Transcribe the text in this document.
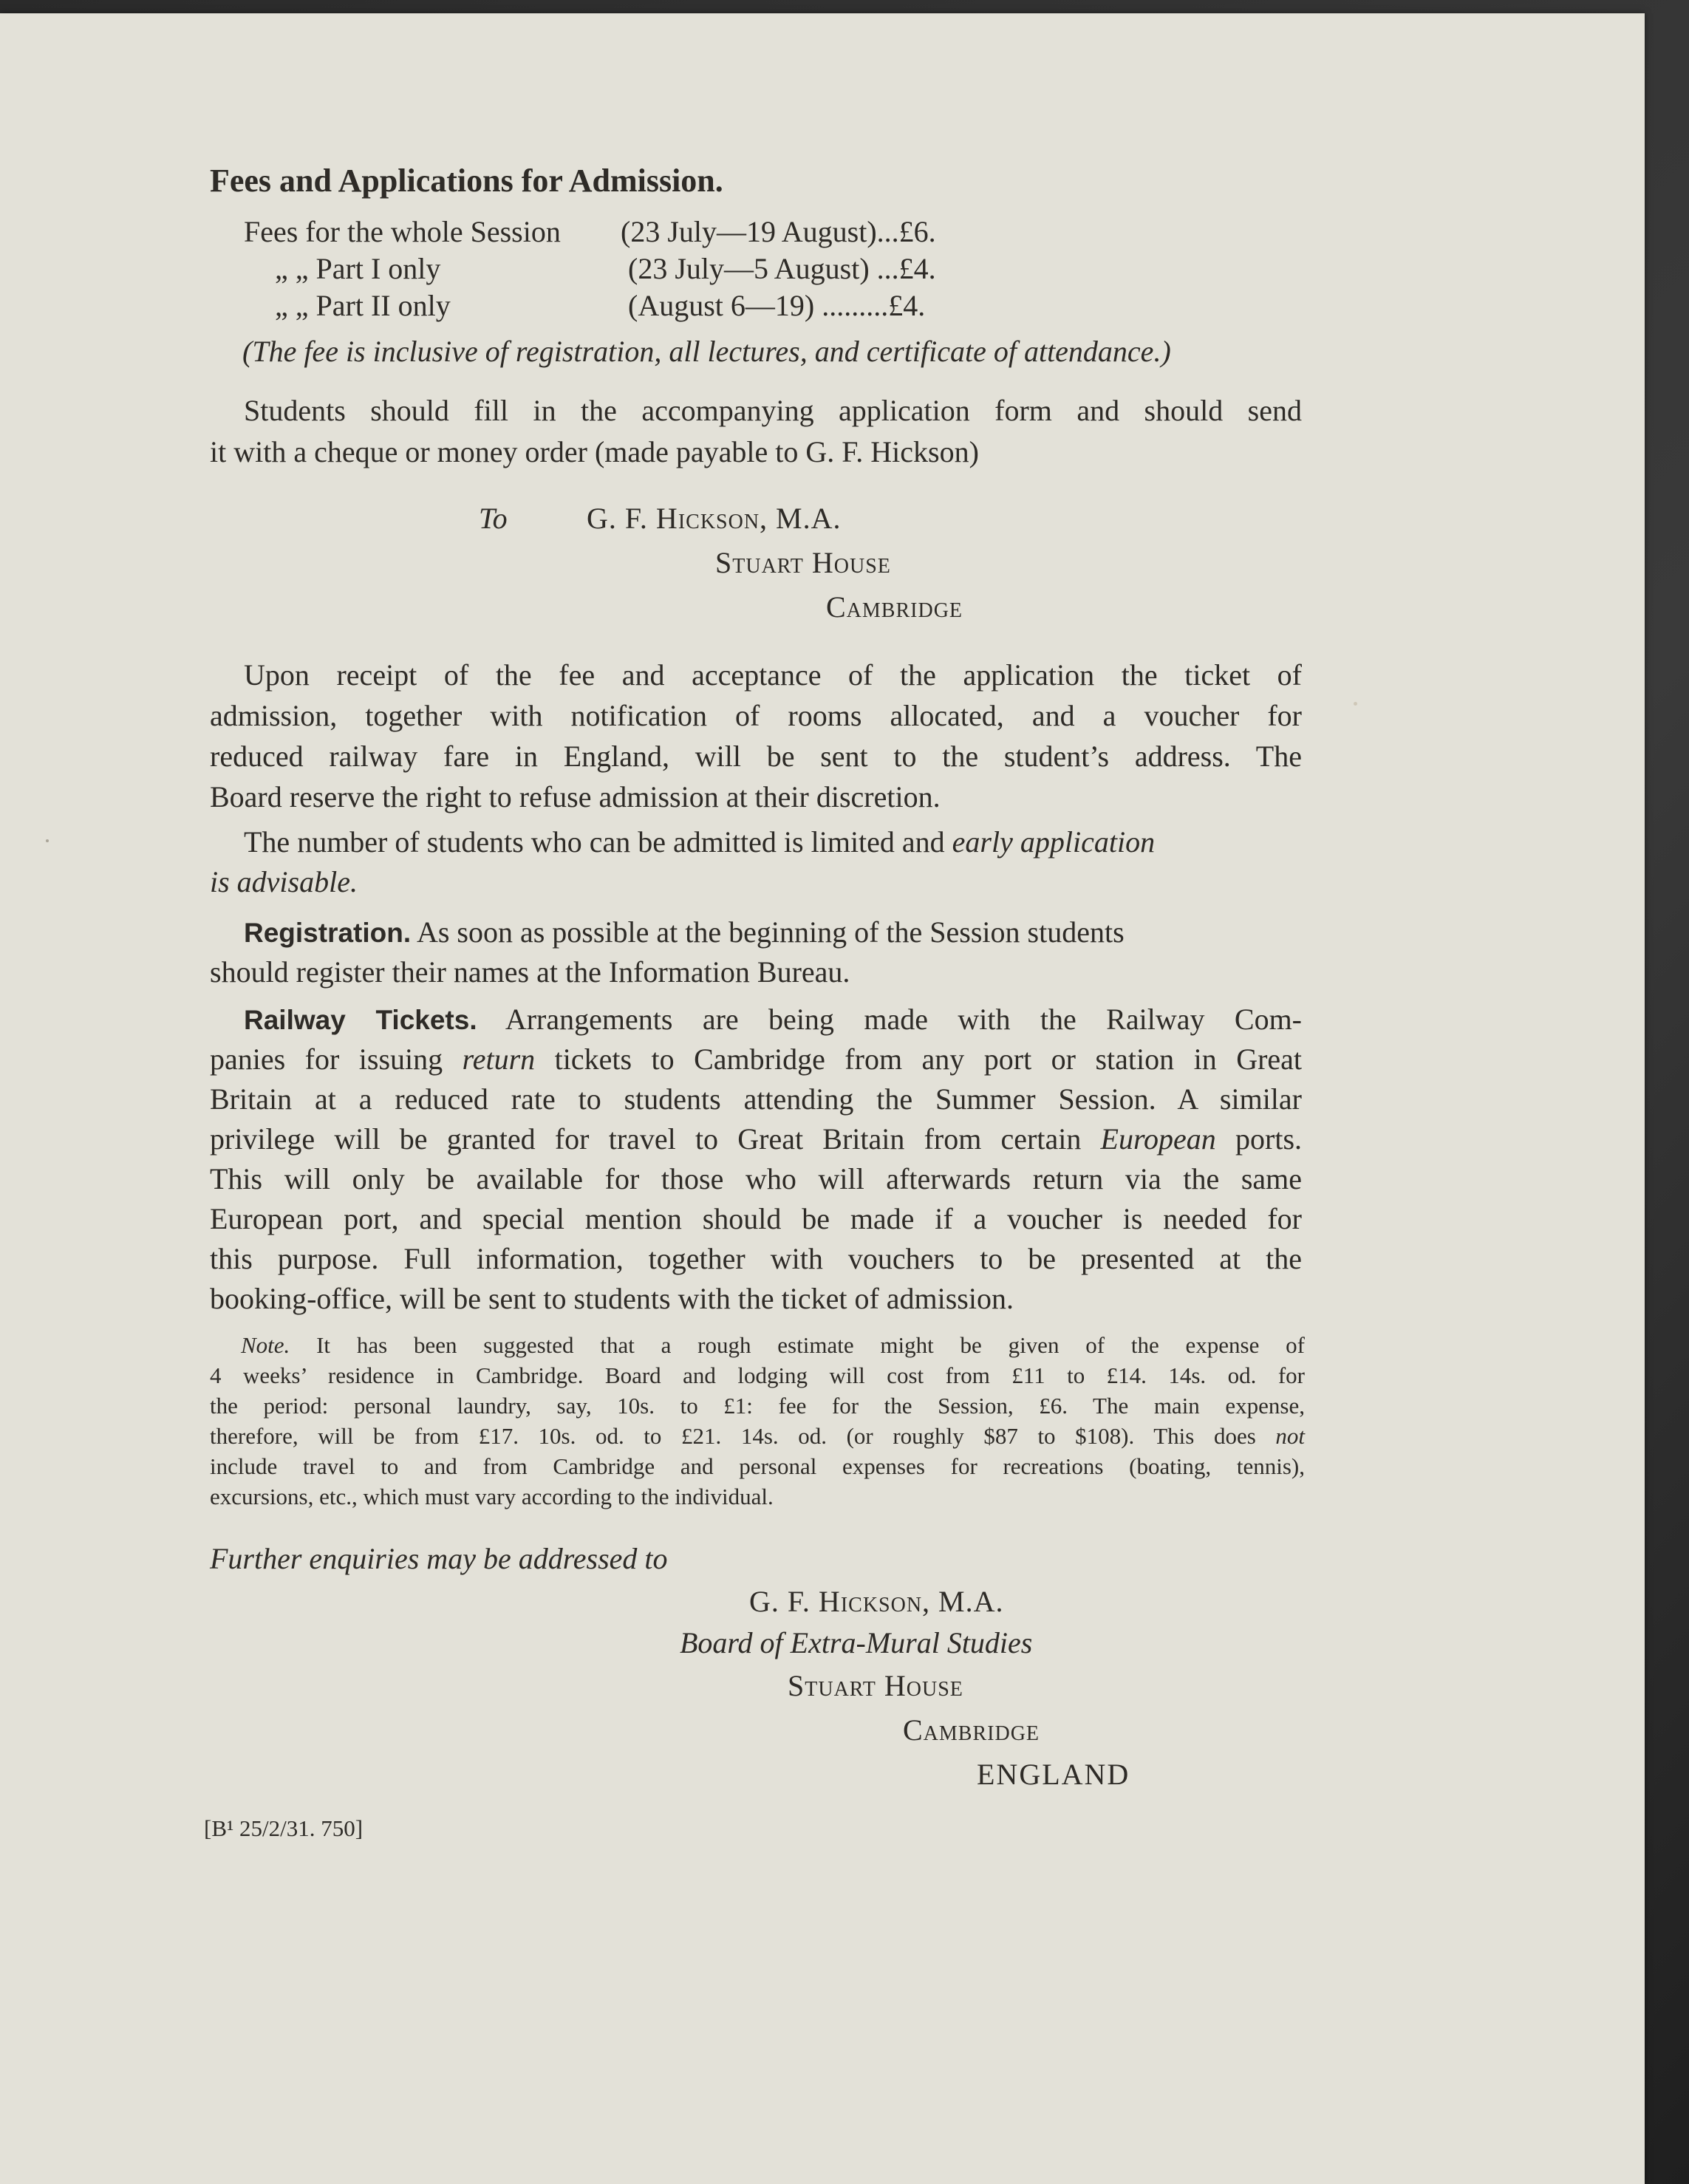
Fees and Applications for Admission.
Fees for the whole Session (23 July—19 August)...£6.
„ „ Part I only	(23 July—5 August) ...£4.
„ „ Part II only	(August 6—19) .........£4.
(The fee is inclusive of registration, all lectures, and certificate of attendance.)
Students should fill in the accompanying application form and should send
it with a cheque or money order (made payable to G. F. Hickson)
To	G. F. Hickson, M.A.
Stuart House
Cambridge
Upon receipt of the fee and acceptance of the application the ticket of
admission, together with notification of rooms allocated, and a voucher for
reduced railway fare in England, will be sent to the student’s address. The
Board reserve the right to refuse admission at their discretion.
The number of students who can be admitted is limited and early application
is advisable.
Registration. As soon as possible at the beginning of the Session students
should register their names at the Information Bureau.
Railway Tickets. Arrangements are being made with the Railway Com-
panies for issuing return tickets to Cambridge from any port or station in Great
Britain at a reduced rate to students attending the Summer Session. A similar
privilege will be granted for travel to Great Britain from certain European ports.
This will only be available for those who will afterwards return via the same
European port, and special mention should be made if a voucher is needed for
this purpose. Full information, together with vouchers to be presented at the
booking-office, will be sent to students with the ticket of admission.
Note. It has been suggested that a rough estimate might be given of the expense of
4 weeks’ residence in Cambridge. Board and lodging will cost from £11 to £14. 14s. od. for
the period: personal laundry, say, 10s. to £1: fee for the Session, £6. The main expense,
therefore, will be from £17. 10s. od. to £21. 14s. od. (or roughly $87 to $108). This does not
include travel to and from Cambridge and personal expenses for recreations (boating, tennis),
excursions, etc., which must vary according to the individual.
Further enquiries may be addressed to
G. F. Hickson, M.A.
Board of Extra-Mural Studies
Stuart House
Cambridge
ENGLAND
[B¹ 25/2/31. 750]
